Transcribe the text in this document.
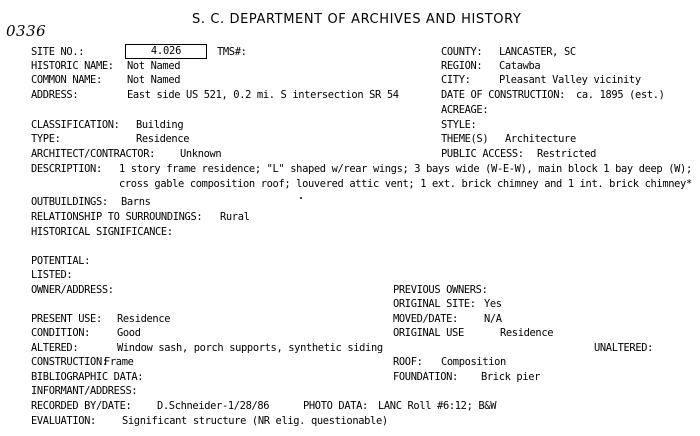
0336
S. C. DEPARTMENT OF ARCHIVES AND HISTORY
SITE NO.:	4.026	TMS#:
HISTORIC NAME: Not Named
COMMON NAME: Not Named
ADDRESS:	East side US 521, 0.2 mi. S intersection SR 54
CLASSIFICATION: Building
TYPE:	Residence
ARCHITECT/CONTRACTOR: Unknown
DESCRIPTION: 1 story frame residence; "L" shaped w/rear wings; 3 bays wide (W-E-W), main block 1 bay deep (W);
cross gable composition roof; louvered attic vent; 1 ext. brick chimney and 1 int. brick chimney*
OUTBUILDINGS: Barns
RELATIONSHIP TO SURROUNDINGS: Rural
HISTORICAL SIGNIFICANCE:
POTENTIAL:
LISTED:
OWNER/ADDRESS:
PRESENT USE: Residence
CONDITION:	Good
ALTERED:	Window sash, porch supports, synthetic siding
CONSTRUCTION:
Frame
BIBLIOGRAPHIC DATA:
INFORMANT/ADDRESS:
RECORDED BY/DATE: D.Schneider-1/28/86	PHOTO DATA: LANC Roll #6:12; B&W
EVALUATION:	Significant structure (NR elig. questionable)
COUNTY: LANCASTER, SC
REGION: Catawba
CITY:	Pleasant Valley vicinity
DATE OF CONSTRUCTION: ca. 1895 (est.)
ACREAGE:
STYLE:
THEME(S) Architecture
PUBLIC ACCESS: Restricted
PREVIOUS OWNERS:
ORIGINAL SITE: Yes
MOVED/DATE:	N/A
ORIGINAL USE	Residence
UNALTERED:
ROOF: Composition
FOUNDATION: Brick pier
